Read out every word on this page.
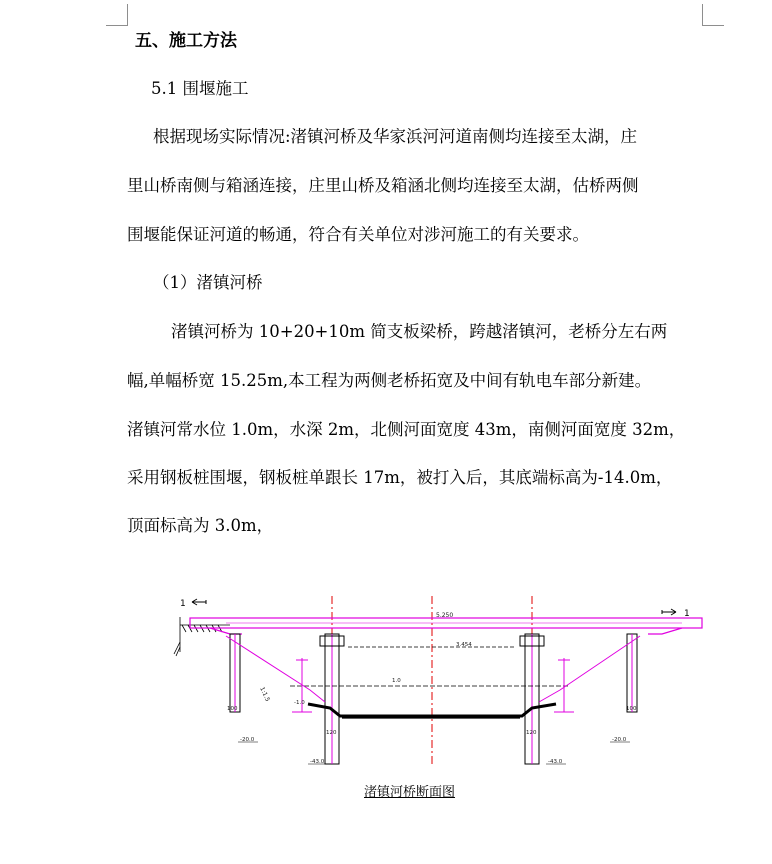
五、施工方法
5.1 围堰施工
根据现场实际情况:渚镇河桥及华家浜河河道南侧均连接至太湖，庄
里山桥南侧与箱涵连接，庄里山桥及箱涵北侧均连接至太湖，估桥两侧
围堰能保证河道的畅通，符合有关单位对涉河施工的有关要求。
（1）渚镇河桥
渚镇河桥为 10+20+10m 简支板梁桥，跨越渚镇河，老桥分左右两
幅,单幅桥宽 15.25m,本工程为两侧老桥拓宽及中间有轨电车部分新建。
渚镇河常水位 1.0m，水深 2m，北侧河面宽度 43m，南侧河面宽度 32m，
采用钢板桩围堰，钢板桩单跟长 17m，被打入后，其底端标高为-14.0m，
顶面标高为 3.0m，
1
1
5.250
3.454
1.0
-1.0
1:1.5
100	100
120	120
-20.0	-20.0
-43.0	-43.0
渚镇河桥断面图
